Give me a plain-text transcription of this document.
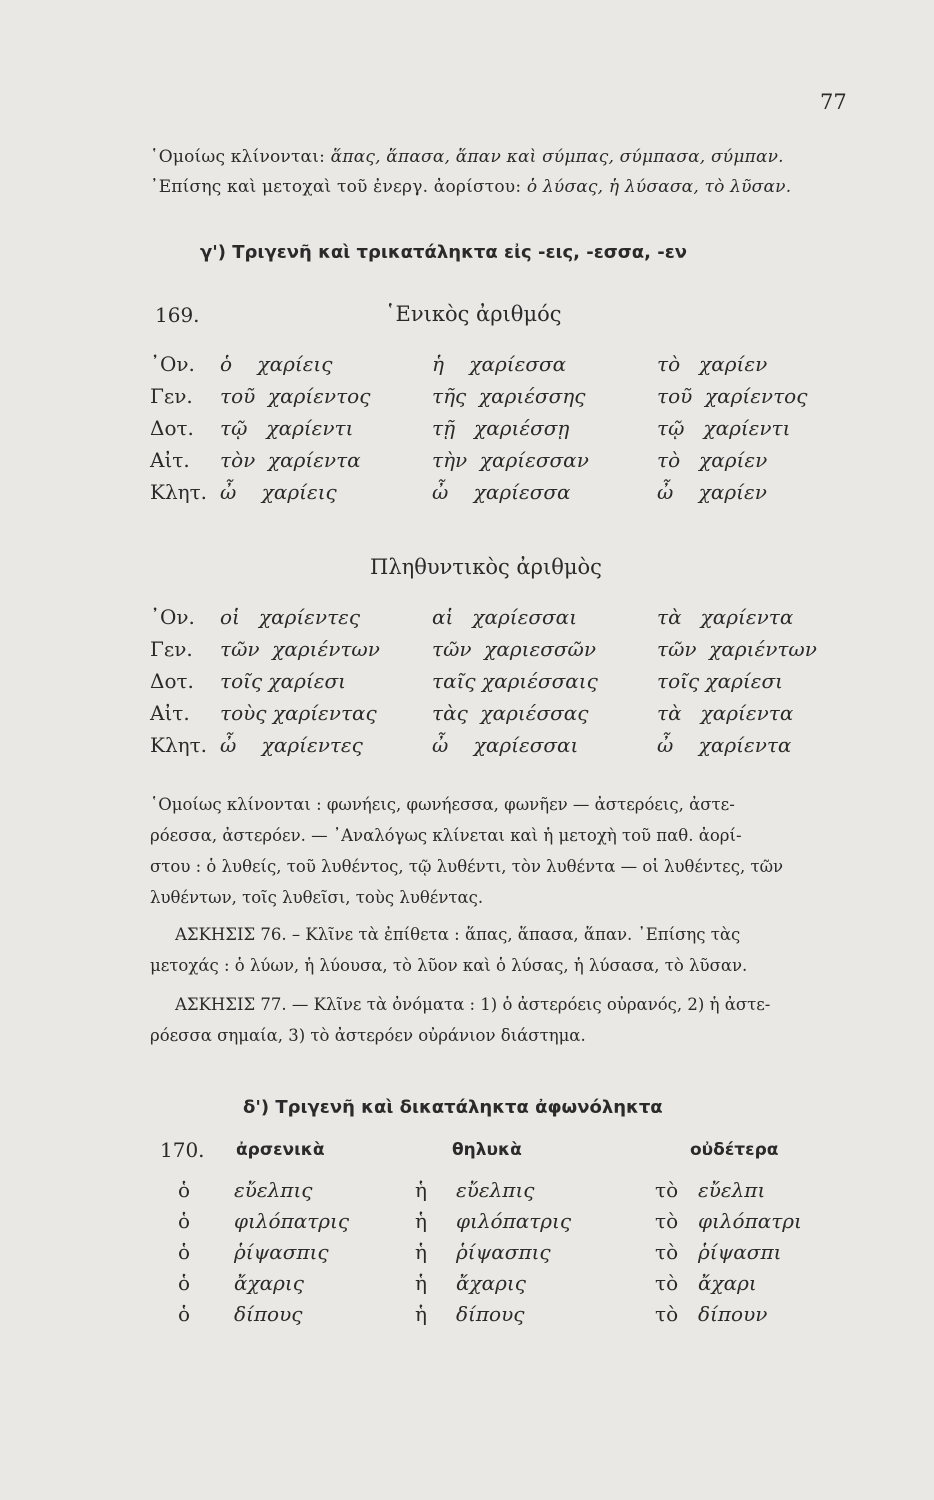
77
῾Ομοίως κλίνονται: ἅπας, ἅπασα, ἅπαν καὶ σύμπας, σύμπασα, σύμπαν.
᾿Επίσης καὶ μετοχαὶ τοῦ ἐνεργ. ἀορίστου: ὁ λύσας, ἡ λύσασα, τὸ λῦσαν.
γ') Τριγενῆ καὶ τρικατάληκτα εἰς -εις, -εσσα, -εν
169.	῾Ενικὸς ἀριθμός
᾿Ον. ὁ    χαρίεις	ἡ    χαρίεσσα	τὸ   χαρίεν
Γεν. τοῦ  χαρίεντος	τῆς  χαριέσσης	τοῦ  χαρίεντος
Δοτ. τῷ   χαρίεντι	τῇ   χαριέσσῃ	τῷ   χαρίεντι
Αἰτ. τὸν  χαρίεντα	τὴν  χαρίεσσαν	τὸ   χαρίεν
Κλητ. ὦ    χαρίεις	ὦ    χαρίεσσα	ὦ    χαρίεν
Πληθυντικὸς ἀριθμὸς
᾿Ον. οἱ   χαρίεντες	αἱ   χαρίεσσαι	τὰ   χαρίεντα
Γεν. τῶν  χαριέντων	τῶν  χαριεσσῶν	τῶν  χαριέντων
Δοτ. τοῖς χαρίεσι	ταῖς χαριέσσαις	τοῖς χαρίεσι
Αἰτ. τοὺς χαρίεντας	τὰς  χαριέσσας	τὰ   χαρίεντα
Κλητ. ὦ    χαρίεντες	ὦ    χαρίεσσαι	ὦ    χαρίεντα
῾Ομοίως κλίνονται : φωνήεις, φωνήεσσα, φωνῆεν — ἀστερόεις, ἀστε-
ρόεσσα, ἀστερόεν. — ᾿Αναλόγως κλίνεται καὶ ἡ μετοχὴ τοῦ παθ. ἀορί-
στου : ὁ λυθείς, τοῦ λυθέντος, τῷ λυθέντι, τὸν λυθέντα — οἱ λυθέντες, τῶν
λυθέντων, τοῖς λυθεῖσι, τοὺς λυθέντας.
ΑΣΚΗΣΙΣ 76. – Κλῖνε τὰ ἐπίθετα : ἅπας, ἅπασα, ἅπαν. ᾿Επίσης τὰς
μετοχάς : ὁ λύων, ἡ λύουσα, τὸ λῦον καὶ ὁ λύσας, ἡ λύσασα, τὸ λῦσαν.
ΑΣΚΗΣΙΣ 77. — Κλῖνε τὰ ὀνόματα : 1) ὁ ἀστερόεις οὐρανός, 2) ἡ ἀστε-
ρόεσσα σημαία, 3) τὸ ἀστερόεν οὐράνιον διάστημα.
δ') Τριγενῆ καὶ δικατάληκτα ἀφωνόληκτα
170. ἀρσενικὰ	θηλυκὰ	οὐδέτερα
ὁ εὔελπις	ἡ εὔελπις	τὸ εὔελπι
ὁ φιλόπατρις	ἡ φιλόπατρις	τὸ φιλόπατρι
ὁ ῥίψασπις	ἡ ῥίψασπις	τὸ ῥίψασπι
ὁ ἄχαρις	ἡ ἄχαρις	τὸ ἄχαρι
ὁ δίπους	ἡ δίπους	τὸ δίπουν
